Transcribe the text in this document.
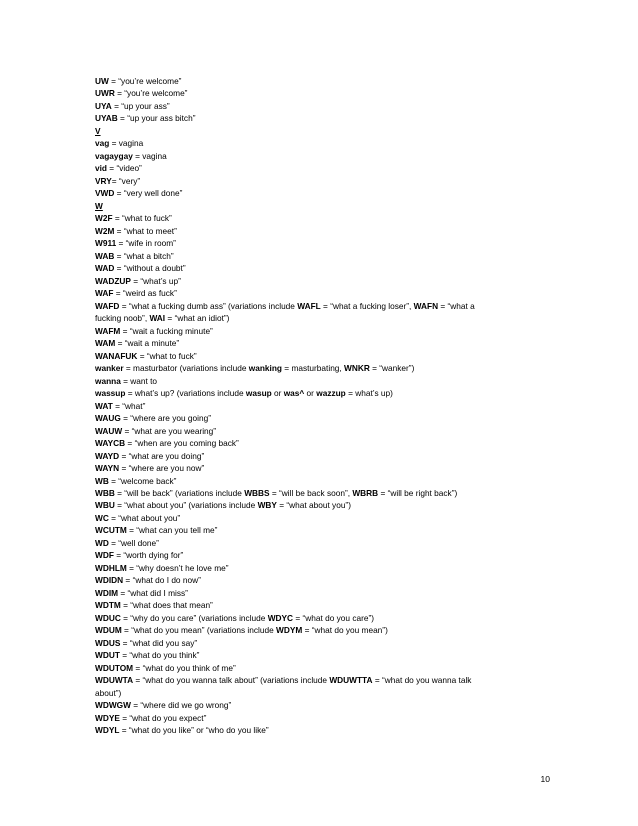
UW = “you’re welcome”
UWR = “you’re welcome”
UYA = “up your ass”
UYAB = “up your ass bitch”
V
vag = vagina
vagaygay = vagina
vid = “video”
VRY= “very”
VWD = “very well done”
W
W2F = “what to fuck”
W2M = “what to meet”
W911 = “wife in room”
WAB = “what a bitch”
WAD = “without a doubt”
WADZUP = “what’s up”
WAF = “weird as fuck”
WAFD = “what a fucking dumb ass” (variations include WAFL = “what a fucking loser”, WAFN = “what a
fucking noob”, WAI = “what an idiot”)
WAFM = “wait a fucking minute”
WAM = “wait a minute”
WANAFUK = “what to fuck”
wanker = masturbator (variations include wanking = masturbating, WNKR = “wanker”)
wanna = want to
wassup = what’s up? (variations include wasup or was^ or wazzup = what’s up)
WAT = “what”
WAUG = “where are you going”
WAUW = “what are you wearing”
WAYCB = “when are you coming back”
WAYD = “what are you doing”
WAYN = “where are you now”
WB = “welcome back”
WBB = “will be back” (variations include WBBS = “will be back soon”, WBRB = “will be right back”)
WBU = “what about you” (variations include WBY = “what about you”)
WC = “what about you”
WCUTM = “what can you tell me”
WD = “well done”
WDF = “worth dying for”
WDHLM = “why doesn’t he love me”
WDIDN = “what do I do now”
WDIM = “what did I miss”
WDTM = “what does that mean”
WDUC = “why do you care” (variations include WDYC = “what do you care”)
WDUM = “what do you mean” (variations include WDYM = “what do you mean”)
WDUS = “what did you say”
WDUT = “what do you think”
WDUTOM = “what do you think of me”
WDUWTA = “what do you wanna talk about” (variations include WDUWTTA = “what do you wanna talk
about”)
WDWGW = “where did we go wrong”
WDYE = “what do you expect”
WDYL = “what do you like” or “who do you like”
10
